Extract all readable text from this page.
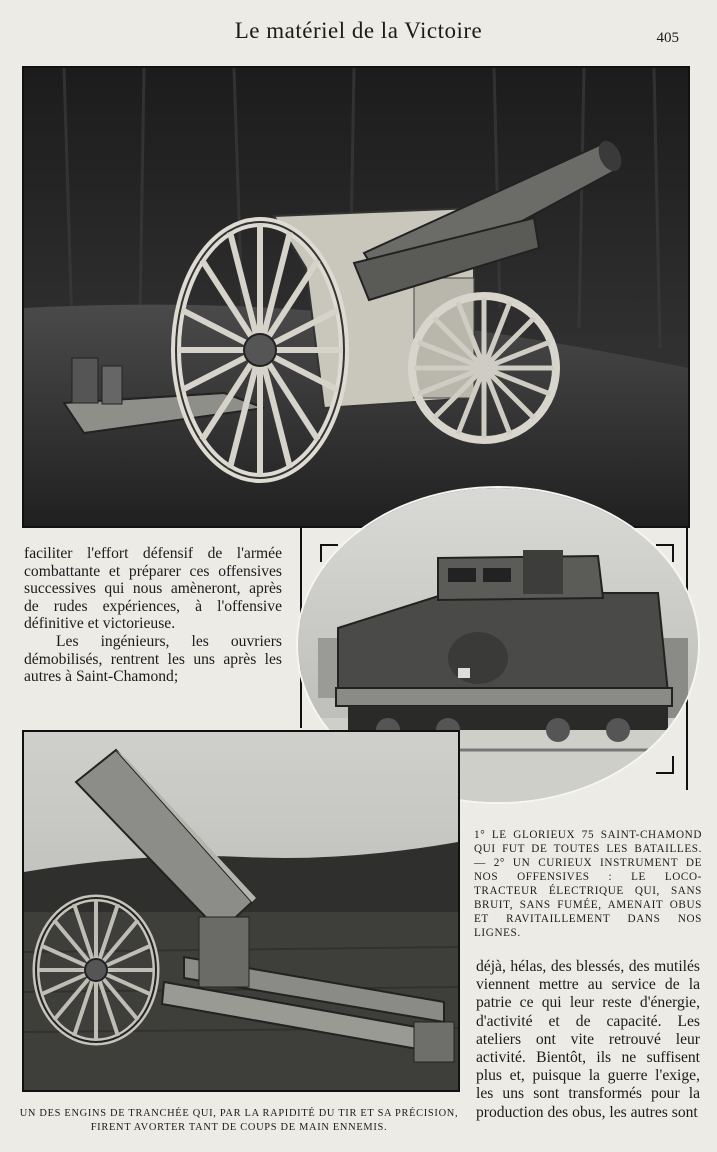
Le matériel de la Victoire	405

faciliter l'effort défensif de l'armée combattante et préparer ces offensives successives qui nous amèneront, après de rudes expériences, à l'offensive définitive et victorieuse.

Les ingénieurs, les ouvriers démobilisés, rentrent les uns après les autres à Saint-Chamond;

1° LE GLORIEUX 75 SAINT-CHAMOND QUI FUT DE TOUTES LES BATAILLES. — 2° UN CURIEUX INSTRUMENT DE NOS OFFENSIVES : LE LOCO-TRACTEUR ÉLECTRIQUE QUI, SANS BRUIT, SANS FUMÉE, AMENAIT OBUS ET RAVITAILLEMENT DANS NOS LIGNES.
déjà, hélas, des blessés, des mutilés viennent mettre au service de la patrie ce qui leur reste d'énergie, d'activité et de capacité. Les ateliers ont vite retrouvé leur activité. Bientôt, ils ne suffisent plus et, puisque la guerre l'exige, les uns sont transformés pour la production des obus, les autres sont
UN DES ENGINS DE TRANCHÉE QUI, PAR LA RAPIDITÉ DU TIR ET SA PRÉCISION, FIRENT AVORTER TANT DE COUPS DE MAIN ENNEMIS.
